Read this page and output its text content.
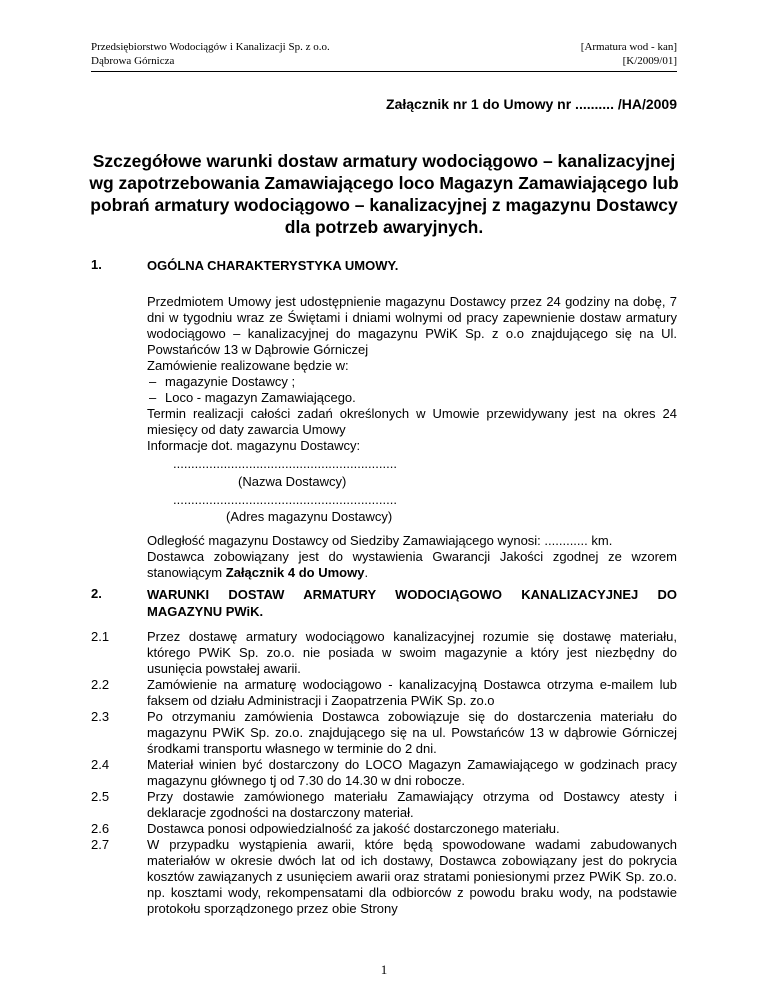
Przedsiębiorstwo Wodociągów i Kanalizacji Sp. z o.o.
Dąbrowa Górnicza
[Armatura wod - kan]
[K/2009/01]
Załącznik nr 1 do Umowy nr .......... /HA/2009
Szczegółowe warunki dostaw armatury wodociągowo – kanalizacyjnej wg zapotrzebowania Zamawiającego loco Magazyn Zamawiającego lub pobrań armatury wodociągowo – kanalizacyjnej z magazynu Dostawcy dla potrzeb awaryjnych.
1.	OGÓLNA CHARAKTERYSTYKA UMOWY.

Przedmiotem Umowy jest udostępnienie magazynu Dostawcy przez 24 godziny na dobę, 7 dni w tygodniu wraz ze Świętami i dniami wolnymi od pracy zapewnienie dostaw armatury wodociągowo – kanalizacyjnej do magazynu PWiK Sp. z o.o znajdującego się na Ul. Powstańców 13 w Dąbrowie Górniczej

Zamówienie realizowane będzie w:

– magazynie Dostawcy ;

– Loco - magazyn Zamawiającego.

Termin realizacji całości zadań określonych w Umowie przewidywany jest na okres 24 miesięcy od daty zawarcia Umowy

Informacje dot. magazynu Dostawcy:

..............................................................
(Nazwa Dostawcy)
..............................................................
(Adres magazynu Dostawcy)

Odległość magazynu Dostawcy od Siedziby Zamawiającego wynosi: ............ km.

Dostawca zobowiązany jest do wystawienia Gwarancji Jakości zgodnej ze wzorem stanowiącym Załącznik 4 do Umowy.

2.	WARUNKI DOSTAW ARMATURY WODOCIĄGOWO KANALIZACYJNEJ DO MAGAZYNU PWiK.
2.1	Przez dostawę armatury wodociągowo kanalizacyjnej rozumie się dostawę materiału, którego PWiK Sp. zo.o. nie posiada w swoim magazynie a który jest niezbędny do usunięcia powstałej awarii.
2.2	Zamówienie na armaturę wodociągowo - kanalizacyjną Dostawca otrzyma e-mailem lub faksem od działu Administracji i Zaopatrzenia PWiK Sp. zo.o
2.3	Po otrzymaniu zamówienia Dostawca zobowiązuje się do dostarczenia materiału do magazynu PWiK Sp. zo.o. znajdującego się na ul. Powstańców 13 w dąbrowie Górniczej środkami transportu własnego w terminie do 2 dni.
2.4	Materiał winien być dostarczony do LOCO Magazyn Zamawiającego w godzinach pracy magazynu głównego tj od 7.30 do 14.30 w dni robocze.
2.5	Przy dostawie zamówionego materiału Zamawiający otrzyma od Dostawcy atesty i deklaracje zgodności na dostarczony materiał.
2.6	Dostawca ponosi odpowiedzialność za jakość dostarczonego materiału.
2.7	W przypadku wystąpienia awarii, które będą spowodowane wadami zabudowanych materiałów w okresie dwóch lat od ich dostawy, Dostawca zobowiązany jest do pokrycia kosztów zawiązanych z usunięciem awarii oraz stratami poniesionymi przez PWiK Sp. zo.o. np. kosztami wody, rekompensatami dla odbiorców z powodu braku wody, na podstawie protokołu sporządzonego przez obie Strony
1
